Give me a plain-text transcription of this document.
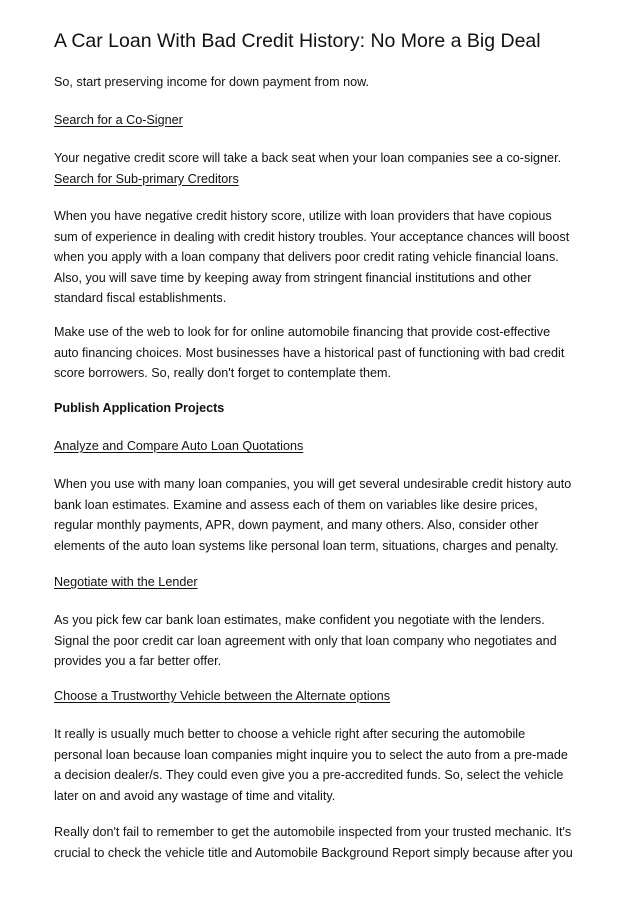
A Car Loan With Bad Credit History: No More a Big Deal

So, start preserving income for down payment from now.

Search for a Co-Signer

Your negative credit score will take a back seat when your loan companies see a co-signer.
Search for Sub-primary Creditors

When you have negative credit history score, utilize with loan providers that have copious
sum of experience in dealing with credit history troubles. Your acceptance chances will boost
when you apply with a loan company that delivers poor credit rating vehicle financial loans.
Also, you will save time by keeping away from stringent financial institutions and other
standard fiscal establishments.

Make use of the web to look for for online automobile financing that provide cost-effective
auto financing choices. Most businesses have a historical past of functioning with bad credit
score borrowers. So, really don't forget to contemplate them.

Publish Application Projects

Analyze and Compare Auto Loan Quotations

When you use with many loan companies, you will get several undesirable credit history auto
bank loan estimates. Examine and assess each of them on variables like desire prices,
regular monthly payments, APR, down payment, and many others. Also, consider other
elements of the auto loan systems like personal loan term, situations, charges and penalty.

Negotiate with the Lender

As you pick few car bank loan estimates, make confident you negotiate with the lenders.
Signal the poor credit car loan agreement with only that loan company who negotiates and
provides you a far better offer.

Choose a Trustworthy Vehicle between the Alternate options

It really is usually much better to choose a vehicle right after securing the automobile
personal loan because loan companies might inquire you to select the auto from a pre-made
a decision dealer/s. They could even give you a pre-accredited funds. So, select the vehicle
later on and avoid any wastage of time and vitality.

Really don't fail to remember to get the automobile inspected from your trusted mechanic. It's
crucial to check the vehicle title and Automobile Background Report simply because after you
